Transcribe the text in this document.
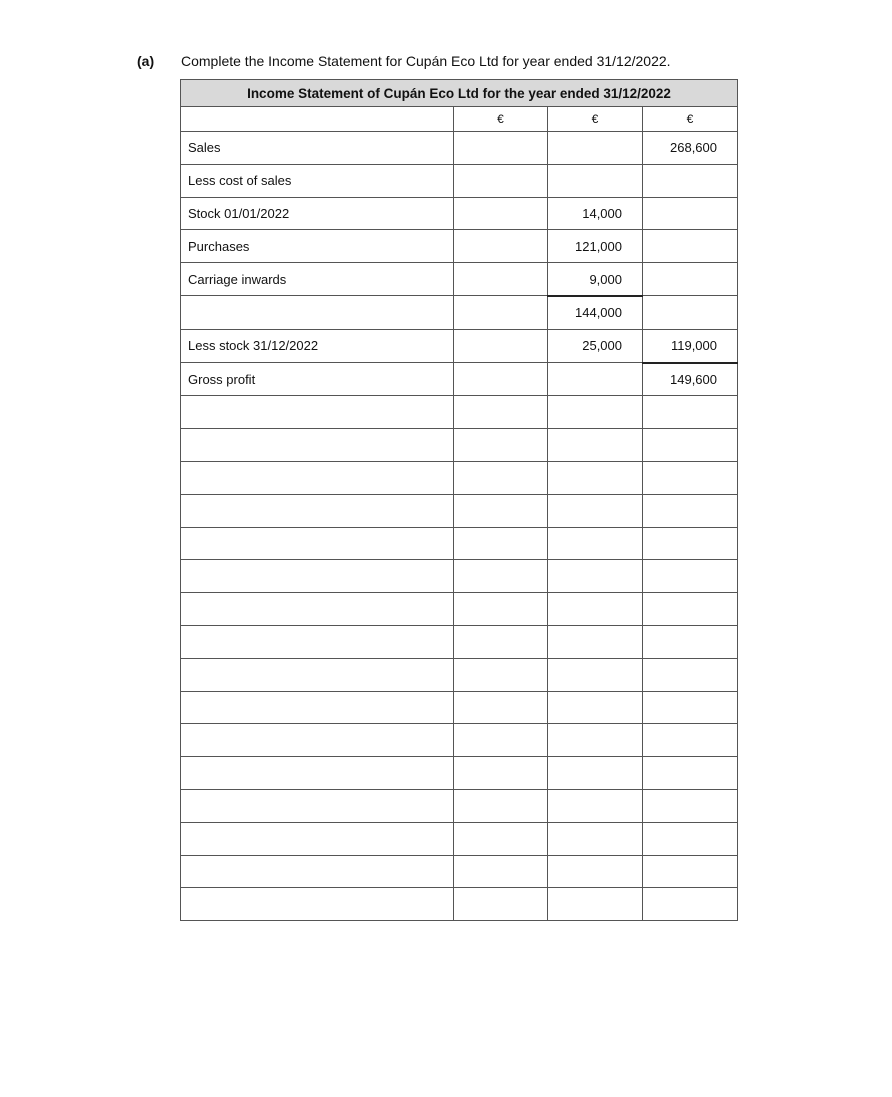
(a) Complete the Income Statement for Cupán Eco Ltd for year ended 31/12/2022.
Income Statement of Cupán Eco Ltd for the year ended 31/12/2022			
	€	€	€
Sales			268,600
Less cost of sales			
Stock 01/01/2022		14,000	
Purchases		121,000	
Carriage inwards		9,000	
		144,000	
Less stock 31/12/2022		25,000	119,000
Gross profit			149,600
